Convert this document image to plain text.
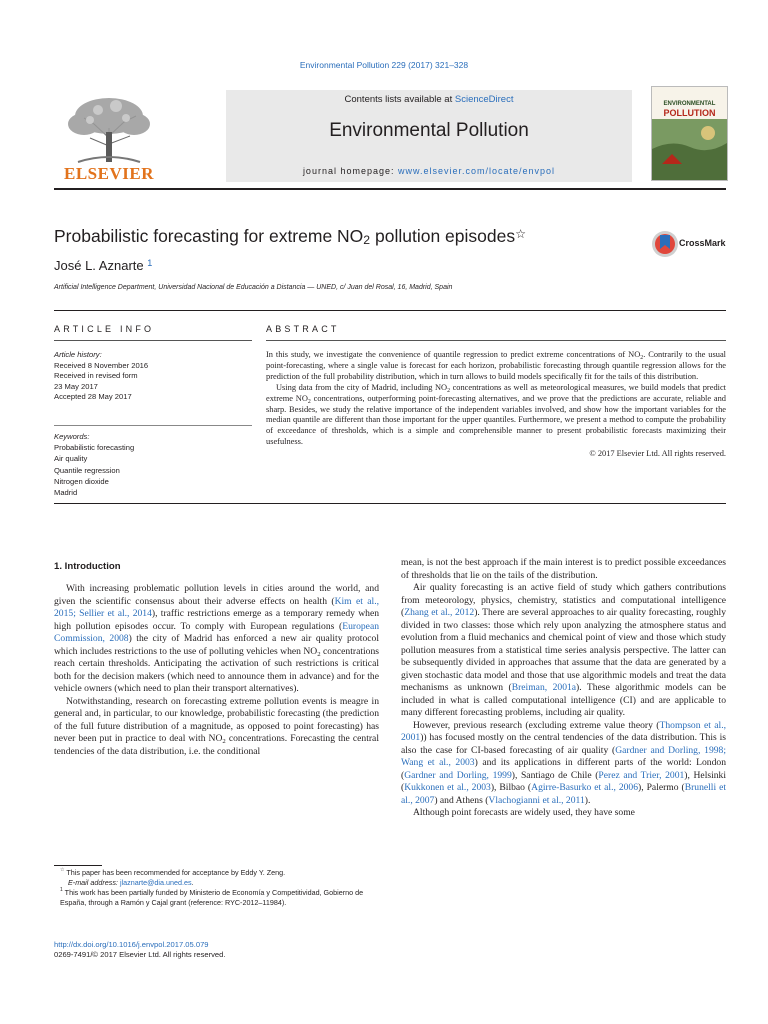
Environmental Pollution 229 (2017) 321–328
ELSEVIER
Contents lists available at ScienceDirect
Environmental Pollution
journal homepage: www.elsevier.com/locate/envpol
ENVIRONMENTAL
POLLUTION
Probabilistic forecasting for extreme $NO_2$ pollution episodes☆
CrossMark
José L. Aznarte $^1$
Artificial Intelligence Department, Universidad Nacional de Educación a Distancia — UNED, c/ Juan del Rosal, 16, Madrid, Spain
ARTICLE INFO
Article history:
Received 8 November 2016
Received in revised form
23 May 2017
Accepted 28 May 2017
Keywords:
Probabilistic forecasting
Air quality
Quantile regression
Nitrogen dioxide
Madrid
ABSTRACT

In this study, we investigate the convenience of quantile regression to predict extreme concentrations of $NO_2$. Contrarily to the usual point-forecasting, where a single value is forecast for each horizon, probabilistic forecasting through quantile regression allows for the prediction of the full probability distribution, which in turn allows to build models specifically fit for the tails of this distribution.

Using data from the city of Madrid, including $NO_2$ concentrations as well as meteorological measures, we build models that predict extreme $NO_2$ concentrations, outperforming point-forecasting alternatives, and we prove that the predictions are accurate, reliable and sharp. Besides, we study the relative importance of the independent variables involved, and show how the important variables for the median quantile are different than those important for the upper quantiles. Furthermore, we present a method to compute the probability of exceedance of thresholds, which is a simple and comprehensible manner to present probabilistic forecasts maximizing their usefulness.

© 2017 Elsevier Ltd. All rights reserved.
1. Introduction

With increasing problematic pollution levels in cities around the world, and given the scientific consensus about their adverse effects on health (Kim et al., 2015; Sellier et al., 2014), traffic restrictions emerge as a temporary remedy when high pollution episodes occur. To comply with European regulations (European Commission, 2008) the city of Madrid has enforced a new air quality protocol which includes restrictions to the use of polluting vehicles when $NO_2$ concentrations reach certain thresholds. Anticipating the activation of such restrictions is critical both for the decision makers (which need to announce them in advance) and for the vehicle owners (which need to plan their transport alternatives).

Notwithstanding, research on forecasting extreme pollution events is meagre in general and, in particular, to our knowledge, probabilistic forecasting (the prediction of the full future distribution of a magnitude, as opposed to point forecasting) has never been put in practice to deal with $NO_2$ concentrations. Forecasting the central tendencies of the data distribution, i.e. the conditional

mean, is not the best approach if the main interest is to predict possible exceedances of thresholds that lie on the tails of the distribution.

Air quality forecasting is an active field of study which gathers contributions from meteorology, physics, chemistry, statistics and computational intelligence (Zhang et al., 2012). There are several approaches to air quality forecasting, roughly divided in two classes: those which rely upon analyzing the atmosphere status and evolution from a fluid mechanics and chemical point of view and those which study pollution measures from a statistical time series analysis perspective. The latter can be subsequently divided in approaches that assume that the data are generated by a given stochastic data model and those that use algorithmic models and treat the data mechanisms as unknown (Breiman, 2001a). These algorithmic models can be included in what is called computational intelligence (CI) and are applicable to many different forecasting problems, including air quality.

However, previous research (excluding extreme value theory (Thompson et al., 2001)) has focused mostly on the central tendencies of the data distribution. This is also the case for CI-based forecasting of air quality (Gardner and Dorling, 1998; Wang et al., 2003) and its applications in different parts of the world: London (Gardner and Dorling, 1999), Santiago de Chile (Perez and Trier, 2001), Helsinki (Kukkonen et al., 2003), Bilbao (Agirre-Basurko et al., 2006), Palermo (Brunelli et al., 2007) and Athens (Vlachogianni et al., 2011).

Although point forecasts are widely used, they have some

☆ This paper has been recommended for acceptance by Eddy Y. Zeng.

E-mail address: jlaznarte@dia.uned.es.

$^1$ This work has been partially funded by Ministerio de Economía y Competitividad, Gobierno de España, through a Ramón y Cajal grant (reference: RYC-2012–11984).

http://dx.doi.org/10.1016/j.envpol.2017.05.079
0269-7491/© 2017 Elsevier Ltd. All rights reserved.
